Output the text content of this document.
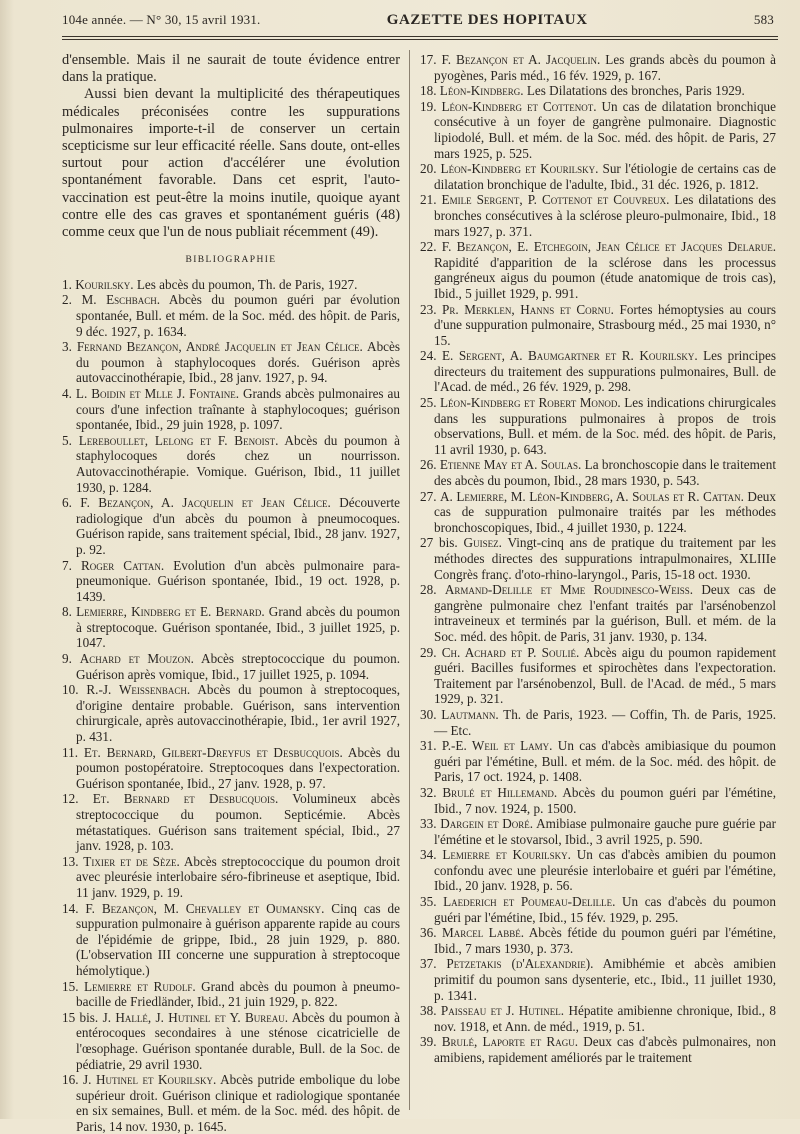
104e année. — N° 30, 15 avril 1931.	GAZETTE DES HOPITAUX	583

d'ensemble. Mais il ne saurait de toute évidence entrer dans la pratique.

Aussi bien devant la multiplicité des thérapeutiques médicales préconisées contre les suppurations pulmonaires importe-t-il de conserver un certain scepticisme sur leur efficacité réelle. Sans doute, ont-elles surtout pour action d'accélérer une évolution spontanément favorable. Dans cet esprit, l'auto-vaccination est peut-être la moins inutile, quoique ayant contre elle des cas graves et spontanément guéris (48) comme ceux que l'un de nous publiait récemment (49).

BIBLIOGRAPHIE

1. Kourilsky. Les abcès du poumon, Th. de Paris, 1927.

2. M. Eschbach. Abcès du poumon guéri par évolution spontanée, Bull. et mém. de la Soc. méd. des hôpit. de Paris, 9 déc. 1927, p. 1634.

3. Fernand Bezançon, André Jacquelin et Jean Célice. Abcès du poumon à staphylocoques dorés. Guérison après autovaccinothérapie, Ibid., 28 janv. 1927, p. 94.

4. L. Boidin et Mlle J. Fontaine. Grands abcès pulmonaires au cours d'une infection traînante à staphylocoques; guérison spontanée, Ibid., 29 juin 1928, p. 1097.

5. Lereboullet, Lelong et F. Benoist. Abcès du poumon à staphylocoques dorés chez un nourrisson. Autovaccinothérapie. Vomique. Guérison, Ibid., 11 juillet 1930, p. 1284.

6. F. Bezançon, A. Jacquelin et Jean Célice. Découverte radiologique d'un abcès du poumon à pneumocoques. Guérison rapide, sans traitement spécial, Ibid., 28 janv. 1927, p. 92.

7. Roger Cattan. Evolution d'un abcès pulmonaire para-pneumonique. Guérison spontanée, Ibid., 19 oct. 1928, p. 1439.

8. Lemierre, Kindberg et E. Bernard. Grand abcès du poumon à streptocoque. Guérison spontanée, Ibid., 3 juillet 1925, p. 1047.

9. Achard et Mouzon. Abcès streptococcique du poumon. Guérison après vomique, Ibid., 17 juillet 1925, p. 1094.

10. R.-J. Weissenbach. Abcès du poumon à streptocoques, d'origine dentaire probable. Guérison, sans intervention chirurgicale, après autovaccinothérapie, Ibid., 1er avril 1927, p. 431.

11. Et. Bernard, Gilbert-Dreyfus et Desbucquois. Abcès du poumon postopératoire. Streptocoques dans l'expectoration. Guérison spontanée, Ibid., 27 janv. 1928, p. 97.

12. Et. Bernard et Desbucquois. Volumineux abcès streptococcique du poumon. Septicémie. Abcès métastatiques. Guérison sans traitement spécial, Ibid., 27 janv. 1928, p. 103.

13. Tixier et de Sèze. Abcès streptococcique du poumon droit avec pleurésie interlobaire séro-fibrineuse et aseptique, Ibid. 11 janv. 1929, p. 19.

14. F. Bezançon, M. Chevalley et Oumansky. Cinq cas de suppuration pulmonaire à guérison apparente rapide au cours de l'épidémie de grippe, Ibid., 28 juin 1929, p. 880. (L'observation III concerne une suppuration à streptocoque hémolytique.)

15. Lemierre et Rudolf. Grand abcès du poumon à pneumo-bacille de Friedländer, Ibid., 21 juin 1929, p. 822.

15 bis. J. Hallé, J. Hutinel et Y. Bureau. Abcès du poumon à entérocoques secondaires à une sténose cicatricielle de l'œsophage. Guérison spontanée durable, Bull. de la Soc. de pédiatrie, 29 avril 1930.

16. J. Hutinel et Kourilsky. Abcès putride embolique du lobe supérieur droit. Guérison clinique et radiologique spontanée en six semaines, Bull. et mém. de la Soc. méd. des hôpit. de Paris, 14 nov. 1930, p. 1645.

17. F. Bezançon et A. Jacquelin. Les grands abcès du poumon à pyogènes, Paris méd., 16 fév. 1929, p. 167.

18. Léon-Kindberg. Les Dilatations des bronches, Paris 1929.

19. Léon-Kindberg et Cottenot. Un cas de dilatation bronchique consécutive à un foyer de gangrène pulmonaire. Diagnostic lipiodolé, Bull. et mém. de la Soc. méd. des hôpit. de Paris, 27 mars 1925, p. 525.

20. Léon-Kindberg et Kourilsky. Sur l'étiologie de certains cas de dilatation bronchique de l'adulte, Ibid., 31 déc. 1926, p. 1812.

21. Emile Sergent, P. Cottenot et Couvreux. Les dilatations des bronches consécutives à la sclérose pleuro-pulmonaire, Ibid., 18 mars 1927, p. 371.

22. F. Bezançon, E. Etchegoin, Jean Célice et Jacques Delarue. Rapidité d'apparition de la sclérose dans les processus gangréneux aigus du poumon (étude anatomique de trois cas), Ibid., 5 juillet 1929, p. 991.

23. Pr. Merklen, Hanns et Cornu. Fortes hémoptysies au cours d'une suppuration pulmonaire, Strasbourg méd., 25 mai 1930, n° 15.

24. E. Sergent, A. Baumgartner et R. Kourilsky. Les principes directeurs du traitement des suppurations pulmonaires, Bull. de l'Acad. de méd., 26 fév. 1929, p. 298.

25. Léon-Kindberg et Robert Monod. Les indications chirurgicales dans les suppurations pulmonaires à propos de trois observations, Bull. et mém. de la Soc. méd. des hôpit. de Paris, 11 avril 1930, p. 643.

26. Etienne May et A. Soulas. La bronchoscopie dans le traitement des abcès du poumon, Ibid., 28 mars 1930, p. 543.

27. A. Lemierre, M. Léon-Kindberg, A. Soulas et R. Cattan. Deux cas de suppuration pulmonaire traités par les méthodes bronchoscopiques, Ibid., 4 juillet 1930, p. 1224.

27 bis. Guisez. Vingt-cinq ans de pratique du traitement par les méthodes directes des suppurations intrapulmonaires, XLIIIe Congrès franç. d'oto-rhino-laryngol., Paris, 15-18 oct. 1930.

28. Armand-Delille et Mme Roudinesco-Weiss. Deux cas de gangrène pulmonaire chez l'enfant traités par l'arsénobenzol intraveineux et terminés par la guérison, Bull. et mém. de la Soc. méd. des hôpit. de Paris, 31 janv. 1930, p. 134.

29. Ch. Achard et P. Soulié. Abcès aigu du poumon rapidement guéri. Bacilles fusiformes et spirochètes dans l'expectoration. Traitement par l'arsénobenzol, Bull. de l'Acad. de méd., 5 mars 1929, p. 321.

30. Lautmann. Th. de Paris, 1923. — Coffin, Th. de Paris, 1925. — Etc.

31. P.-E. Weil et Lamy. Un cas d'abcès amibiasique du poumon guéri par l'émétine, Bull. et mém. de la Soc. méd. des hôpit. de Paris, 17 oct. 1924, p. 1408.

32. Brulé et Hillemand. Abcès du poumon guéri par l'émétine, Ibid., 7 nov. 1924, p. 1500.

33. Dargein et Doré. Amibiase pulmonaire gauche pure guérie par l'émétine et le stovarsol, Ibid., 3 avril 1925, p. 590.

34. Lemierre et Kourilsky. Un cas d'abcès amibien du poumon confondu avec une pleurésie interlobaire et guéri par l'émétine, Ibid., 20 janv. 1928, p. 56.

35. Laederich et Poumeau-Delille. Un cas d'abcès du poumon guéri par l'émétine, Ibid., 15 fév. 1929, p. 295.

36. Marcel Labbé. Abcès fétide du poumon guéri par l'émétine, Ibid., 7 mars 1930, p. 373.

37. Petzetakis (d'Alexandrie). Amibhémie et abcès amibien primitif du poumon sans dysenterie, etc., Ibid., 11 juillet 1930, p. 1341.

38. Paisseau et J. Hutinel. Hépatite amibienne chronique, Ibid., 8 nov. 1918, et Ann. de méd., 1919, p. 51.

39. Brulé, Laporte et Ragu. Deux cas d'abcès pulmonaires, non amibiens, rapidement améliorés par le traitement
